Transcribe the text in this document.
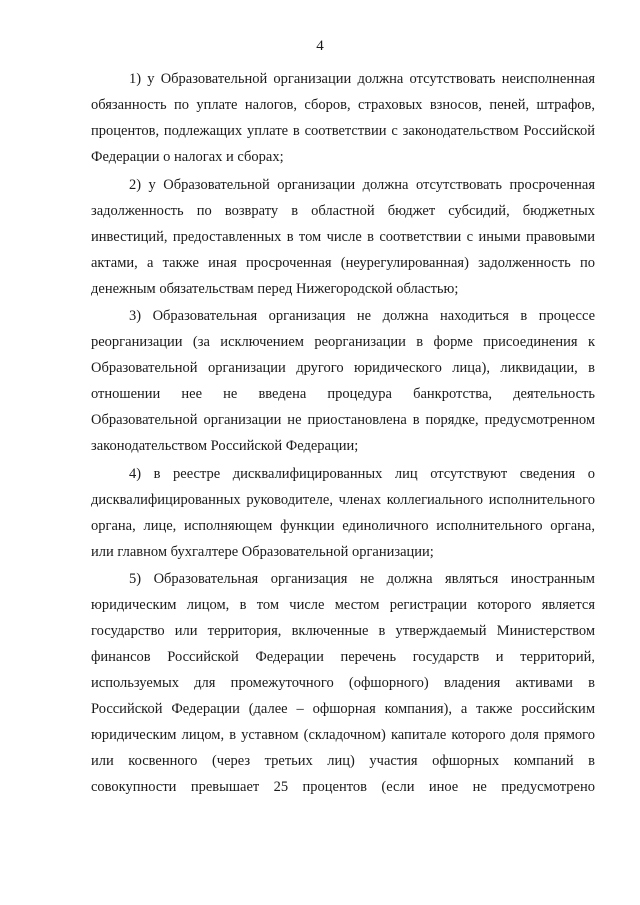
4

1) у Образовательной организации должна отсутствовать неисполненная обязанность по уплате налогов, сборов, страховых взносов, пеней, штрафов, процентов, подлежащих уплате в соответствии с законодательством Российской Федерации о налогах и сборах;

2) у Образовательной организации должна отсутствовать просроченная задолженность по возврату в областной бюджет субсидий, бюджетных инвестиций, предоставленных в том числе в соответствии с иными правовыми актами, а также иная просроченная (неурегулированная) задолженность по денежным обязательствам перед Нижегородской областью;

3) Образовательная организация не должна находиться в процессе реорганизации (за исключением реорганизации в форме присоединения к Образовательной организации другого юридического лица), ликвидации, в отношении нее не введена процедура банкротства, деятельность Образовательной организации не приостановлена в порядке, предусмотренном законодательством Российской Федерации;

4) в реестре дисквалифицированных лиц отсутствуют сведения о дисквалифицированных руководителе, членах коллегиального исполнительного органа, лице, исполняющем функции единоличного исполнительного органа, или главном бухгалтере Образовательной организации;

5) Образовательная организация не должна являться иностранным юридическим лицом, в том числе местом регистрации которого является государство или территория, включенные в утверждаемый Министерством финансов Российской Федерации перечень государств и территорий, используемых для промежуточного (офшорного) владения активами в Российской Федерации (далее – офшорная компания), а также российским юридическим лицом, в уставном (складочном) капитале которого доля прямого или косвенного (через третьих лиц) участия офшорных компаний в совокупности превышает 25 процентов (если иное не предусмотрено
